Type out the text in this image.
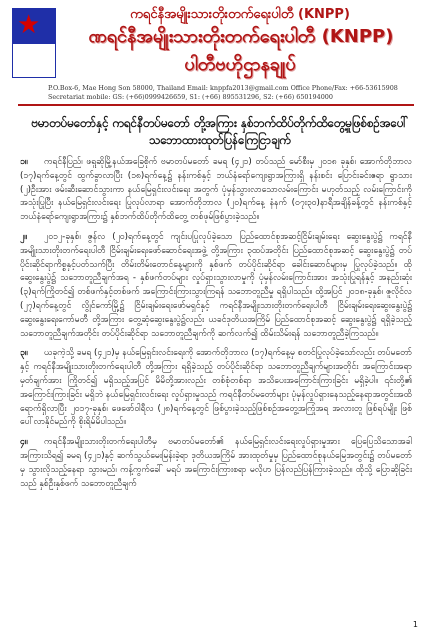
★	ကရင်နီအမျိုးသားတိုးတက်ရေးပါတီ (KNPP)
ဏရင်နီအမျိုးသားတိုးတက်ရေးပါတီ (KNPP)
ပါတီဗဟိုဌာနချုပ်
P.O.Box-6, Mae Hong Son 58000, Thailand Email: knppfa2013@gmail.com Office Phone/Fax: +66-53615908
Secretariat mobile: GS: (+66)0999426659, S1: (+66) 895531296, S2: (+66) 650194000
ဗမာတပ်မတော်နှင့် ကရင်နီတပ်မတော် တို့အကြား နှစ်ဘက်ထိပ်တိုက်ထိတွေ့မှုဖြစ်စဉ်အပေါ် သဘောထားထုတ်ပြန်ကြေငြာချက်

၁။ ကရင်နီပြည်၊ ဖရူဆိုမြို့နယ်အခြေစိုက် ဗမာတပ်မတော် ခမရ (၄၂၁) တပ်သည် မော်စီးမှ ၂၀၁၈ ခုနှစ်၊ အောက်တိုဘာလ (၁၇)ရက်နေ့တွင် ထွက်ခွာလာပြီး (၁၈)ရက်နေ့၌ နန်းကစ်နှင့် ဘယ်နံရော်ကျေးရွာအကြားရှိ နန်းစင်း ပြောင်းခင်းဧရာ ရွာသား (၂)ဦးအား ဖမ်းဆီးဆောင်သွားကာ နယ်မြေရှင်းလင်းရေး အတွက် ပုံမှန်သွားလာသောလမ်းကြောင်း မဟုတ်သည့် လမ်းကြောင်းကို အသုံးပြုပြီး နယ်မြေရှင်းလင်းရေး ပြုလုပ်လာရာ အောက်တိုဘာလ (၂၀)ရက်နေ့ နံနက် (၀၇း၃၀)နာရီအချိန်ခန့်တွင် နန်းကစ်နှင့် ဘယ်နံရော်ကျေးရွာအကြား၌ နှစ်ဘက်ထိပ်တိုက်ထိတွေ့ တစ်ဖုမ်ဖြစ်ပွားခဲ့သည်။

၂။ ၂၀၁၂-ခုနှစ်၊ ဇွန်လ (၂၀)ရက်နေ့တွင် ကျင်းပပြုလုပ်ခဲ့သော ပြည်ထောင်စုအဆင့်ငြိမ်းချမ်းရေး ဆွေးနွေးပွဲ၌ ကရင်နီအမျိုးသားတိုးတက်ရေးပါတီ ငြိမ်းချမ်းရေးဖော်ဆောင်ရေးအဖွဲ့ တို့အကြား ၃ထပ်အတိုင်း ပြည်ထောင်စုအဆင့် ဆွေးနွေးပွဲ၌ တပ်ပိုင်းဆိုင်ရာကိစ္စနှင့်ပတ်သက်ပြီး တိမ်းတိမ်းတောင်နေ့များကို နှစ်ဖက် တပ်ပိုင်းဆိုင်ရာ ခေါင်းဆောင်များမှ ပြုလုပ်ခဲ့သည်။ ထိုဆွေးနွေးပွဲ၌ သဘောတူညီချက်အရ - နှစ်ဖက်တပ်များ လှုပ်ရှားသွားလာမှုကို ပုံမှန်လမ်းကြောင်းအား အသုံးပြုရန်နှင့် အနည်းဆုံး (၃)ရက်ကြိုတင်၍ တစ်ဖက်နှင့်တစ်ဖက် အကြောင်းကြားသွားကြရန် သဘောတူညီမှု ရရှိပါသည်။ ထို့အပြင် ၂၀၁၈-ခုနှစ်၊ ဇူလိုင်လ (၂၇)ရက်နေ့တွင် လွိုင်ကော်မြို့၌ ငြိမ်းချမ်းရေးဖော်မရှင်နှင့် ကရင်နီအမျိုးသားတိုးတက်ရေးပါတီ ငြိမ်းချမ်းရေးဆွေးနွေးပွဲ၌ ဆွေးနွေးရေးကော်မတီ တို့အကြား တွေ့ဆုံဆွေးနွေးပွဲ၌လည်း ယခင်ဒုတိယအကြိမ် ပြည်ထောင်စုအဆင့် ဆွေးနွေးပွဲ၌ ရရှိခဲ့သည့် သဘောတူညီချက်အတိုင်း တပ်ပိုင်းဆိုင်ရာ သဘောတူညီချက်ကို ဆက်လက်၍ ထိမ်းသိမ်းရန် သဘောတူညီခဲ့ကြသည်။

၃။ ယခုကဲ့သို့ ခမရ (၄၂၁)မှ နယ်မြေရှင်းလင်းရေးကို အောက်တိုဘာလ (၁၇)ရက်နေ့မှ စတင်ပြုလုပ်ခဲ့သော်လည်း တပ်မတော်နှင့် ကရင်နီအမျိုးသားတိုးတက်ရေးပါတီ တို့အကြား ရရှိခဲ့သည့် တပ်ပိုင်းဆိုင်ရာ သဘောတူညီချက်များအတိုင်း အကြောင်းအရာမှတ်ချက်အား ကြိုတင်၍ မရှိသည့်အပြင် မိမိတို့အားလည်း တစ်စုံတစ်ရာ အသိပေးအကြောင်းကြားခြင်း မရှိခဲ့ပါ။ ၎င်းတို့၏ အကြောင်းကြားခြင်း မရှိဘဲ နယ်မြေရှင်းလင်းရေး လှုပ်ရှားမှုသည် ကရင်နီတပ်မတော်များ ပုံမှန်လှုပ်ရှားနေသည့်နေရာအတွင်းအထိ ရောက်ရှိလာပြီး ၂၀၁၇-ခုနှစ်၊ ဖေဖော်ဝါရီလ (၂၈)ရက်နေ့တွင် ဖြစ်ပွားခဲ့သည့်ဖြစ်စဉ်အတွေ့အကြုံအရ အလားတူ ဖြစ်ရပ်မျိုး ဖြစ်ပေါ်လာနိုင်မည်ကို စိုးရိမ်မိပါသည်။

၄။ ကရင်နီအမျိုးသားတိုးတက်ရေးပါတီမှ ဗမာတပ်မတော်၏ နယ်မြေရှင်းလင်းရေးလှုပ်ရှားမှုအား ပြေပြေသိသောအခါ အကြားသိရ၍ ခမရ (၄၂၁)နှင့် ဆက်သွယ်မေးမြန်းခဲ့ရာ ဒုတိယအကြိမ် အားထုတ်မှုမှ ပြည်ထောင်စုနယ်မြေအတွင်း၌ တပ်မတော်မှ သွားလိုသည့်နေရာ သွားမည်၊ ကန့်ကွက်ခေါ် မရပ် အကြောင်းကြားစရာ မလိုပာ ပြန်လည်ပြန်ကြားခဲ့သည်။ ထိုသို့ ပြောဆိုခြင်းသည် နှစ်ဦးနှစ်ဖက် သဘောတူညီချက်

1
